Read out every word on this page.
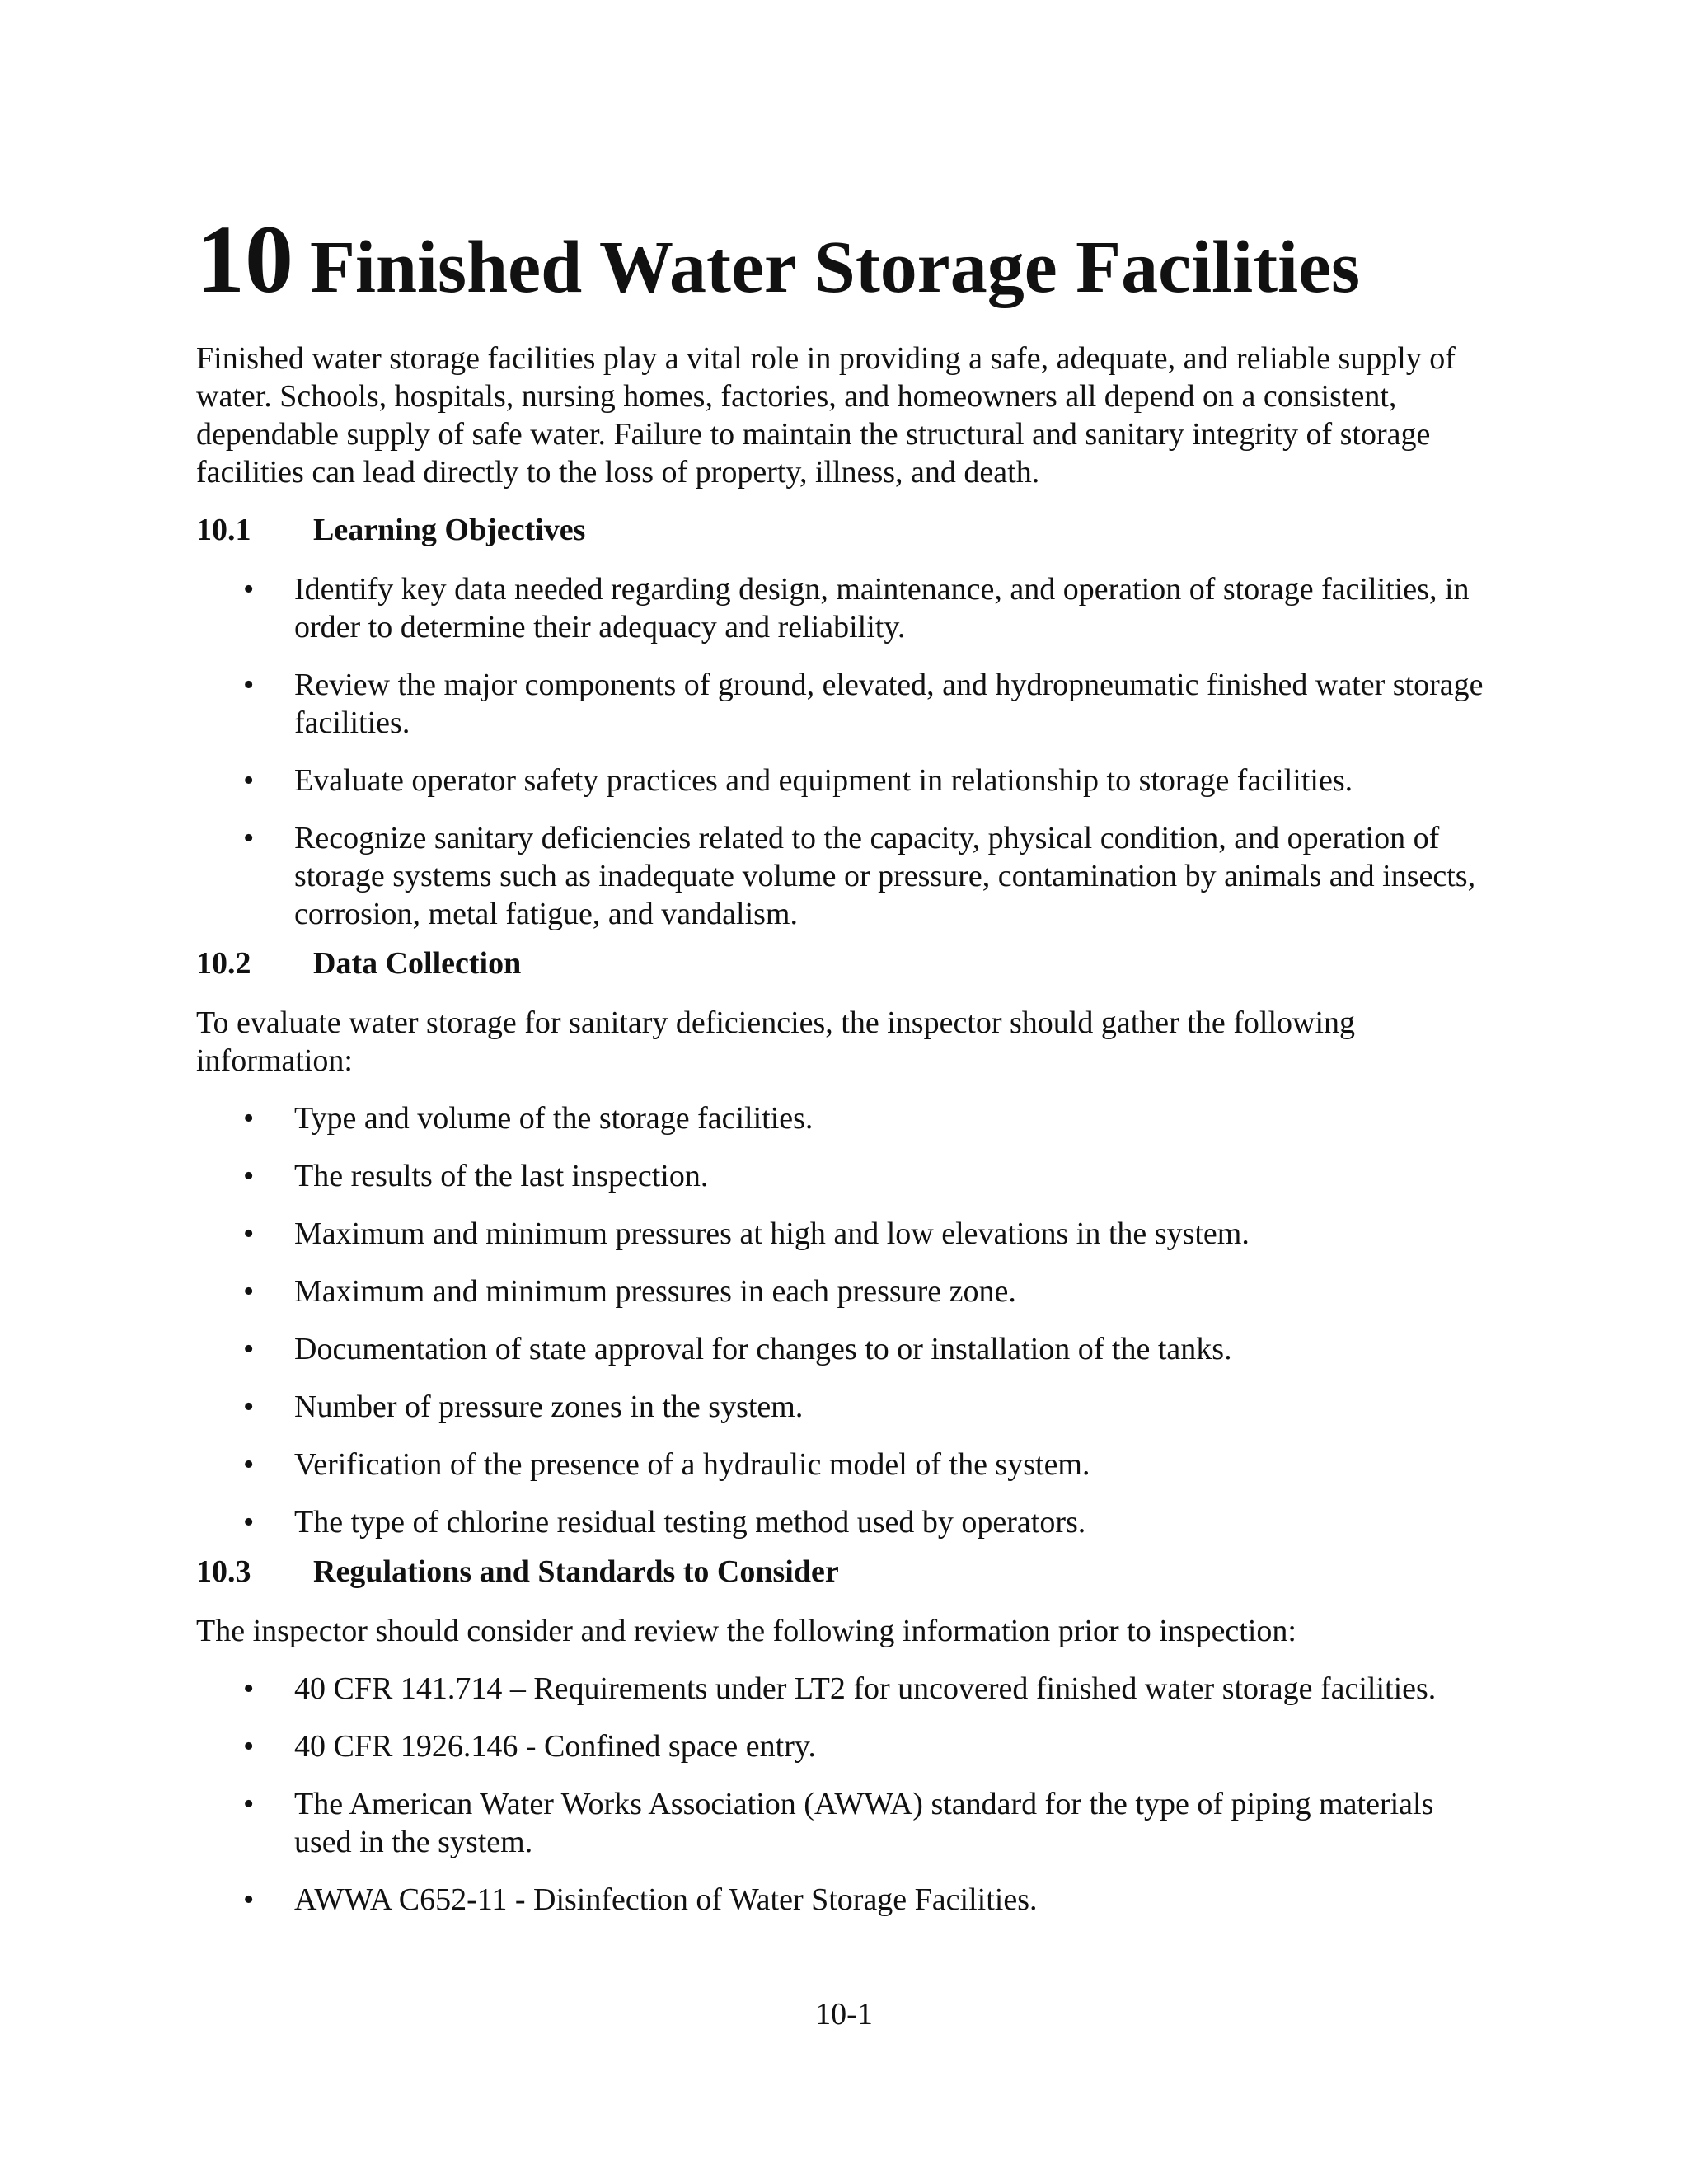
10 Finished Water Storage Facilities

Finished water storage facilities play a vital role in providing a safe, adequate, and reliable supply of water. Schools, hospitals, nursing homes, factories, and homeowners all depend on a consistent, dependable supply of safe water. Failure to maintain the structural and sanitary integrity of storage facilities can lead directly to the loss of property, illness, and death.

10.1	Learning Objectives
• Identify key data needed regarding design, maintenance, and operation of storage facilities, in order to determine their adequacy and reliability.
• Review the major components of ground, elevated, and hydropneumatic finished water storage facilities.
• Evaluate operator safety practices and equipment in relationship to storage facilities.
• Recognize sanitary deficiencies related to the capacity, physical condition, and operation of storage systems such as inadequate volume or pressure, contamination by animals and insects, corrosion, metal fatigue, and vandalism.
10.2	Data Collection

To evaluate water storage for sanitary deficiencies, the inspector should gather the following information:

• Type and volume of the storage facilities.
• The results of the last inspection.
• Maximum and minimum pressures at high and low elevations in the system.
• Maximum and minimum pressures in each pressure zone.
• Documentation of state approval for changes to or installation of the tanks.
• Number of pressure zones in the system.
• Verification of the presence of a hydraulic model of the system.
• The type of chlorine residual testing method used by operators.
10.3	Regulations and Standards to Consider

The inspector should consider and review the following information prior to inspection:

• 40 CFR 141.714 – Requirements under LT2 for uncovered finished water storage facilities.
• 40 CFR 1926.146 - Confined space entry.
• The American Water Works Association (AWWA) standard for the type of piping materials used in the system.
• AWWA C652-11 - Disinfection of Water Storage Facilities.
10-1
